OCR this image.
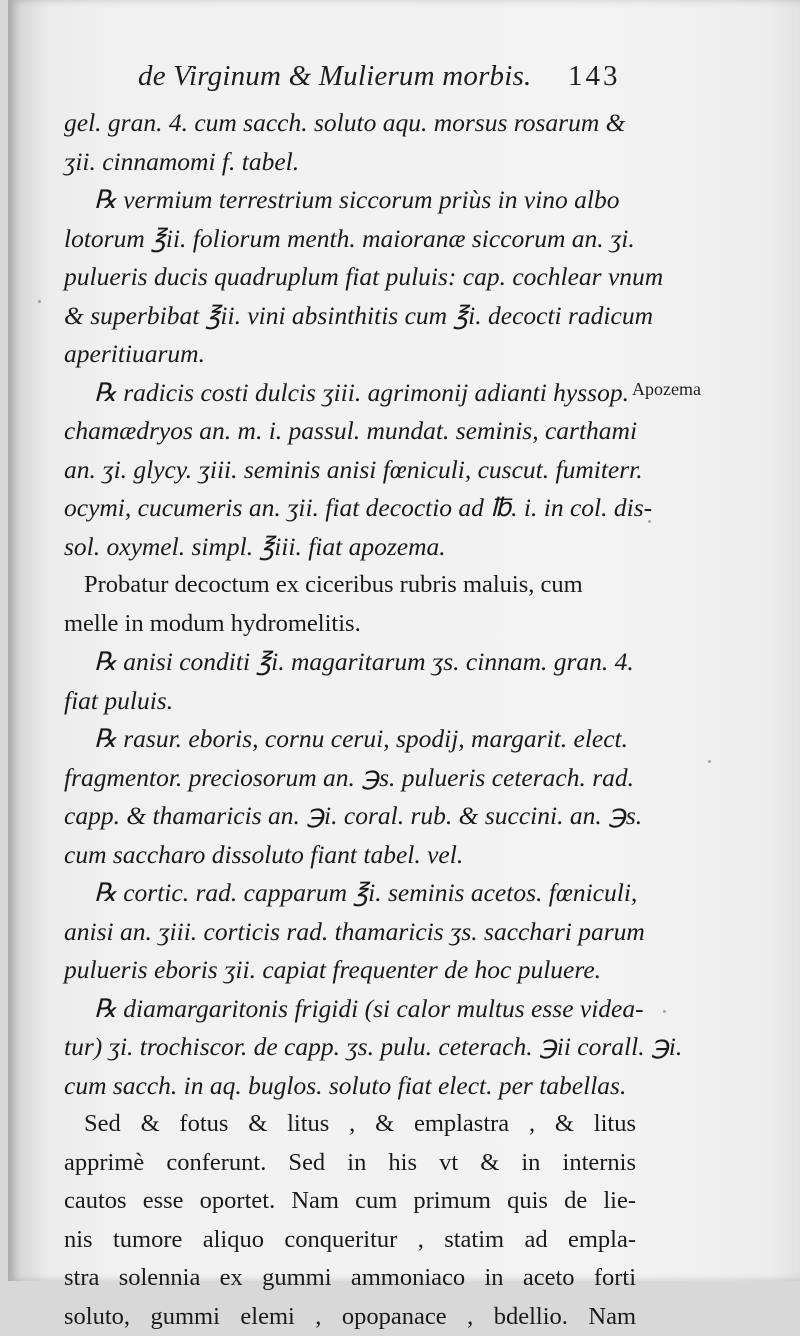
de Virginum & Mulierum morbis. 143
Apozema
gel. gran. 4. cum sacch. soluto aqu. morsus rosarum &
ʒii. cinnamomi f. tabel.
℞ vermium terrestrium siccorum priùs in vino albo
lotorum ℥ii. foliorum menth. maioranæ siccorum an. ʒi.
pulueris ducis quadruplum fiat puluis: cap. cochlear vnum
& superbibat ℥ii. vini absinthitis cum ℥i. decocti radicum
aperitiuarum.
℞ radicis costi dulcis ʒiii. agrimonij adianti hyssop.
chamædryos an. m. i. passul. mundat. seminis, carthami
an. ʒi. glycy. ʒiii. seminis anisi fœniculi, cuscut. fumiterr.
ocymi, cucumeris an. ʒii. fiat decoctio ad ℔. i. in col. dis-
sol. oxymel. simpl. ℥iii. fiat apozema.
Probatur decoctum ex ciceribus rubris maluis, cum
melle in modum hydromelitis.
℞ anisi conditi ℥i. magaritarum ʒs. cinnam. gran. 4.
fiat puluis.
℞ rasur. eboris, cornu cerui, spodij, margarit. elect.
fragmentor. preciosorum an. ℈s. pulueris ceterach. rad.
capp. & thamaricis an. ℈i. coral. rub. & succini. an. ℈s.
cum saccharo dissoluto fiant tabel. vel.
℞ cortic. rad. capparum ℥i. seminis acetos. fœniculi,
anisi an. ʒiii. corticis rad. thamaricis ʒs. sacchari parum
pulueris eboris ʒii. capiat frequenter de hoc puluere.
℞ diamargaritonis frigidi (si calor multus esse videa-
tur) ʒi. trochiscor. de capp. ʒs. pulu. ceterach. ℈ii corall. ℈i.
cum sacch. in aq. buglos. soluto fiat elect. per tabellas.
Sed & fotus & litus , & emplastra , & litus
apprimè conferunt. Sed in his vt & in internis
cautos esse oportet. Nam cum primum quis de lie-
nis tumore aliquo conqueritur , statim ad empla-
stra solennia ex gummi ammoniaco in aceto forti
soluto, gummi elemi , opopanace , bdellio. Nam
